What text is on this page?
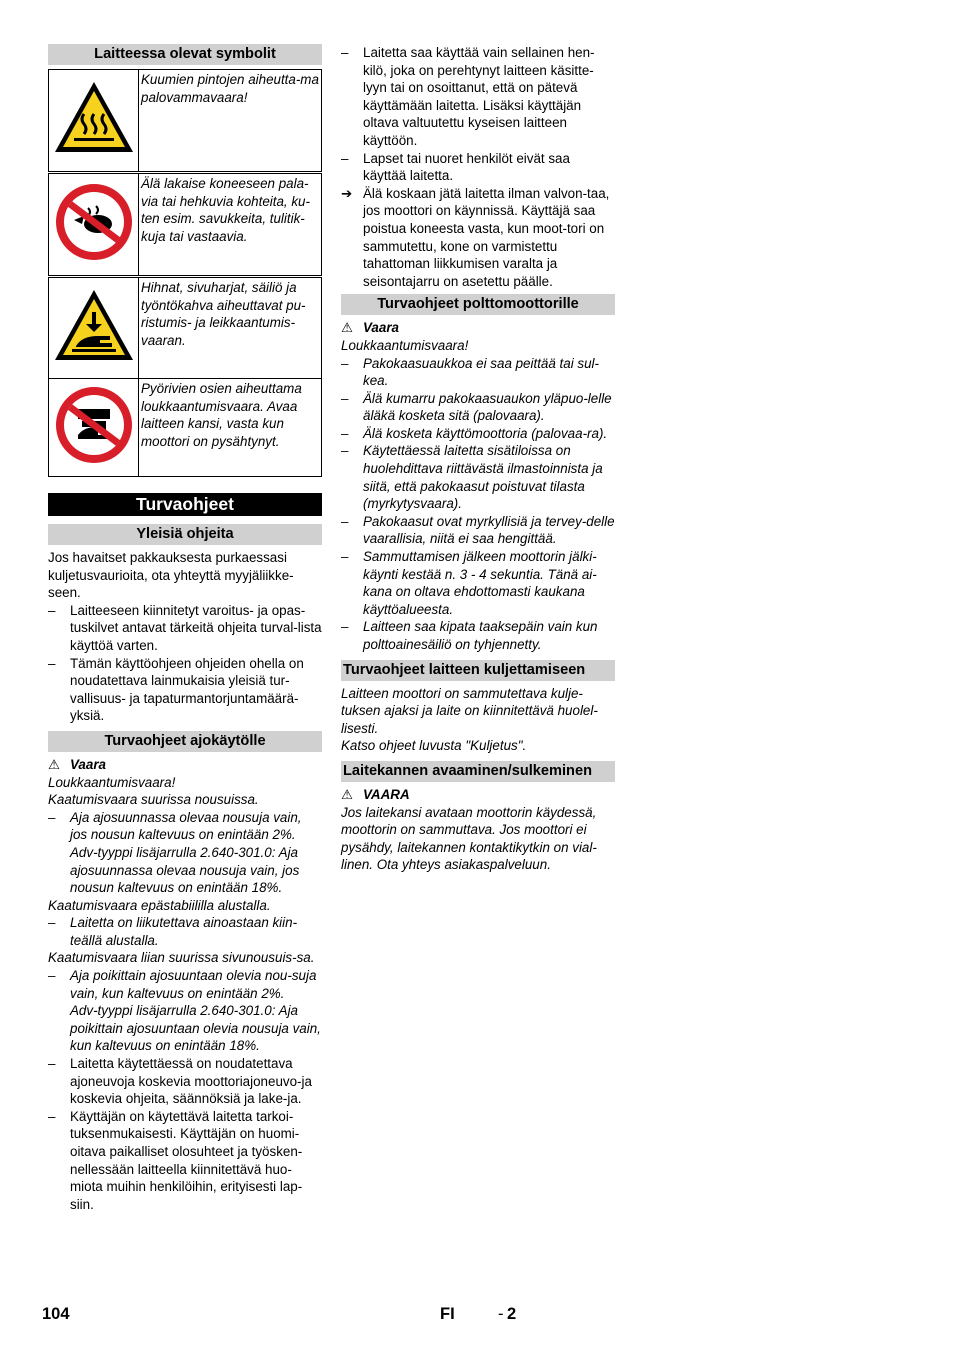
Laitteessa olevat symbolit
	Kuumien pintojen aiheutta-ma palovammavaara!

	Älä lakaise koneeseen pala-via tai hehkuvia kohteita, ku-ten esim. savukkeita, tulitik-kuja tai vastaavia.

	Hihnat, sivuharjat, säiliö ja työntökahva aiheuttavat pu-ristumis- ja leikkaantumis-vaaran.
	Pyörivien osien aiheuttama loukkaantumisvaara. Avaa laitteen kansi, vasta kun moottori on pysähtynyt.
Turvaohjeet
Yleisiä ohjeita

Jos havaitset pakkauksesta purkaessasi kuljetusvaurioita, ota yhteyttä myyjäliikke-seen.

– Laitteeseen kiinnitetyt varoitus- ja opas-tuskilvet antavat tärkeitä ohjeita turval-lista käyttöä varten.
– Tämän käyttöohjeen ohjeiden ohella on noudatettava lainmukaisia yleisiä tur-vallisuus- ja tapaturmantorjuntamäärä-yksiä.
Turvaohjeet ajokäytölle

⚠ Vaara

Loukkaantumisvaara!

Kaatumisvaara suurissa nousuissa.

– Aja ajosuunnassa olevaa nousuja vain, jos nousun kaltevuus on enintään 2%.

Adv-tyyppi lisäjarrulla 2.640-301.0: Aja ajosuunnassa olevaa nousuja vain, jos nousun kaltevuus on enintään 18%.

Kaatumisvaara epästabiililla alustalla.

– Laitetta on liikutettava ainoastaan kiin-teällä alustalla.

Kaatumisvaara liian suurissa sivunousuis-sa.

– Aja poikittain ajosuuntaan olevia nou-suja vain, kun kaltevuus on enintään 2%.

Adv-tyyppi lisäjarrulla 2.640-301.0: Aja poikittain ajosuuntaan olevia nousuja vain, kun kaltevuus on enintään 18%.

– Laitetta käytettäessä on noudatettava ajoneuvoja koskevia moottoriajoneuvo-ja koskevia ohjeita, säännöksiä ja lake-ja.
– Käyttäjän on käytettävä laitetta tarkoi-tuksenmukaisesti. Käyttäjän on huomi-oitava paikalliset olosuhteet ja työsken-nellessään laitteella kiinnitettävä huo-miota muihin henkilöihin, erityisesti lap-siin.
– Laitetta saa käyttää vain sellainen hen-kilö, joka on perehtynyt laitteen käsitte-lyyn tai on osoittanut, että on pätevä käyttämään laitetta. Lisäksi käyttäjän oltava valtuutettu kyseisen laitteen käyttöön.
– Lapset tai nuoret henkilöt eivät saa käyttää laitetta.
➔ Älä koskaan jätä laitetta ilman valvon-taa, jos moottori on käynnissä. Käyttäjä saa poistua koneesta vasta, kun moot-tori on sammutettu, kone on varmistettu tahattoman liikkumisen varalta ja seisontajarru on asetettu päälle.
Turvaohjeet polttomoottorille

⚠ Vaara

Loukkaantumisvaara!

– Pakokaasuaukkoa ei saa peittää tai sul-kea.
– Älä kumarru pakokaasuaukon yläpuo-lelle äläkä kosketa sitä (palovaara).
– Älä kosketa käyttömoottoria (palovaa-ra).
– Käytettäessä laitetta sisätiloissa on huolehdittava riittävästä ilmastoinnista ja siitä, että pakokaasut poistuvat tilasta (myrkytysvaara).
– Pakokaasut ovat myrkyllisiä ja tervey-delle vaarallisia, niitä ei saa hengittää.
– Sammuttamisen jälkeen moottorin jälki-käynti kestää n. 3 - 4 sekuntia. Tänä ai-kana on oltava ehdottomasti kaukana käyttöalueesta.
– Laitteen saa kipata taaksepäin vain kun polttoainesäiliö on tyhjennetty.
Turvaohjeet laitteen kuljettamiseen

Laitteen moottori on sammutettava kulje-tuksen ajaksi ja laite on kiinnitettävä huolel-lisesti.

Katso ohjeet luvusta "Kuljetus".

Laitekannen avaaminen/sulkeminen

⚠ VAARA

Jos laitekansi avataan moottorin käydessä, moottorin on sammuttava. Jos moottori ei pysähdy, laitekannen kontaktikytkin on vial-linen. Ota yhteys asiakaspalveluun.

104	FI	- 2
